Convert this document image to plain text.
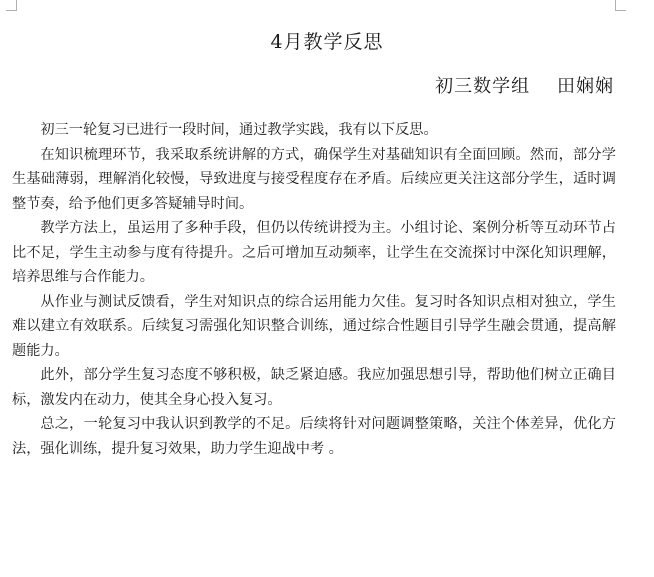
4月教学反思
初三数学组    田娴娴

初三一轮复习已进行一段时间，通过教学实践，我有以下反思。

在知识梳理环节，我采取系统讲解的方式，确保学生对基础知识有全面回顾。然而，部分学生基础薄弱，理解消化较慢，导致进度与接受程度存在矛盾。后续应更关注这部分学生，适时调整节奏，给予他们更多答疑辅导时间。

教学方法上，虽运用了多种手段，但仍以传统讲授为主。小组讨论、案例分析等互动环节占比不足，学生主动参与度有待提升。之后可增加互动频率，让学生在交流探讨中深化知识理解，培养思维与合作能力。

从作业与测试反馈看，学生对知识点的综合运用能力欠佳。复习时各知识点相对独立，学生难以建立有效联系。后续复习需强化知识整合训练，通过综合性题目引导学生融会贯通，提高解题能力。

此外，部分学生复习态度不够积极，缺乏紧迫感。我应加强思想引导，帮助他们树立正确目标，激发内在动力，使其全身心投入复习。

总之，一轮复习中我认识到教学的不足。后续将针对问题调整策略，关注个体差异，优化方法，强化训练，提升复习效果，助力学生迎战中考 。
